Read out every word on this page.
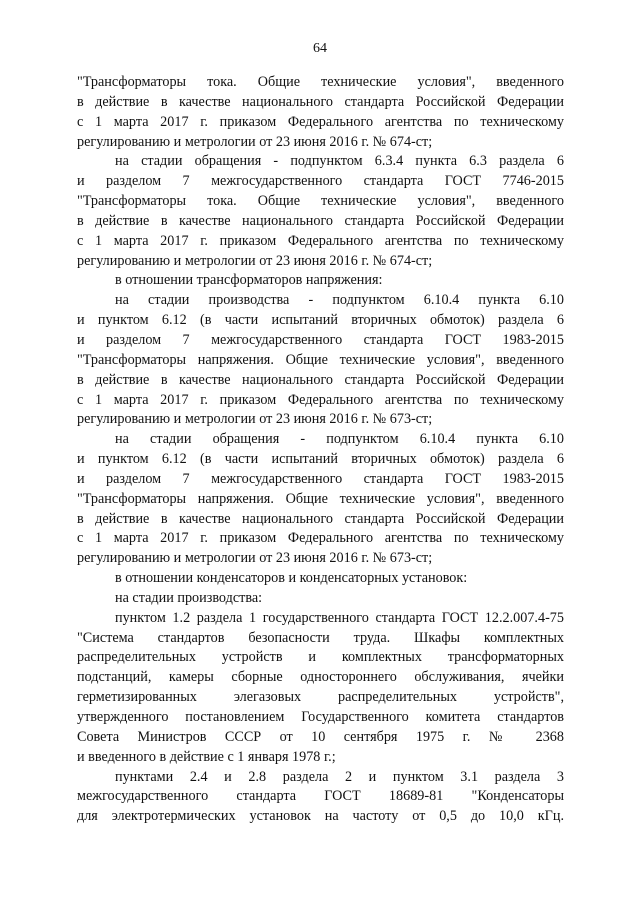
64

"Трансформаторы тока. Общие технические условия", введенного
в действие в качестве национального стандарта Российской Федерации
с 1 марта 2017 г. приказом Федерального агентства по техническому
регулированию и метрологии от 23 июня 2016 г. № 674-ст;

на стадии обращения - подпунктом 6.3.4 пункта 6.3 раздела 6
и разделом 7 межгосударственного стандарта ГОСТ 7746-2015
"Трансформаторы тока. Общие технические условия", введенного
в действие в качестве национального стандарта Российской Федерации
с 1 марта 2017 г. приказом Федерального агентства по техническому
регулированию и метрологии от 23 июня 2016 г. № 674-ст;

в отношении трансформаторов напряжения:

на стадии производства - подпунктом 6.10.4 пункта 6.10
и пунктом 6.12 (в части испытаний вторичных обмоток) раздела 6
и разделом 7 межгосударственного стандарта ГОСТ 1983-2015
"Трансформаторы напряжения. Общие технические условия", введенного
в действие в качестве национального стандарта Российской Федерации
с 1 марта 2017 г. приказом Федерального агентства по техническому
регулированию и метрологии от 23 июня 2016 г. № 673-ст;

на стадии обращения - подпунктом 6.10.4 пункта 6.10
и пунктом 6.12 (в части испытаний вторичных обмоток) раздела 6
и разделом 7 межгосударственного стандарта ГОСТ 1983-2015
"Трансформаторы напряжения. Общие технические условия", введенного
в действие в качестве национального стандарта Российской Федерации
с 1 марта 2017 г. приказом Федерального агентства по техническому
регулированию и метрологии от 23 июня 2016 г. № 673-ст;

в отношении конденсаторов и конденсаторных установок:

на стадии производства:

пунктом 1.2 раздела 1 государственного стандарта ГОСТ 12.2.007.4-75
"Система стандартов безопасности труда. Шкафы комплектных
распределительных устройств и комплектных трансформаторных
подстанций, камеры сборные одностороннего обслуживания, ячейки
герметизированных элегазовых распределительных устройств",
утвержденного постановлением Государственного комитета стандартов
Совета Министров СССР от 10 сентября 1975 г. № 2368
и введенного в действие с 1 января 1978 г.;

пунктами 2.4 и 2.8 раздела 2 и пунктом 3.1 раздела 3
межгосударственного стандарта ГОСТ 18689-81 "Конденсаторы
для электротермических установок на частоту от 0,5 до 10,0 кГц.
